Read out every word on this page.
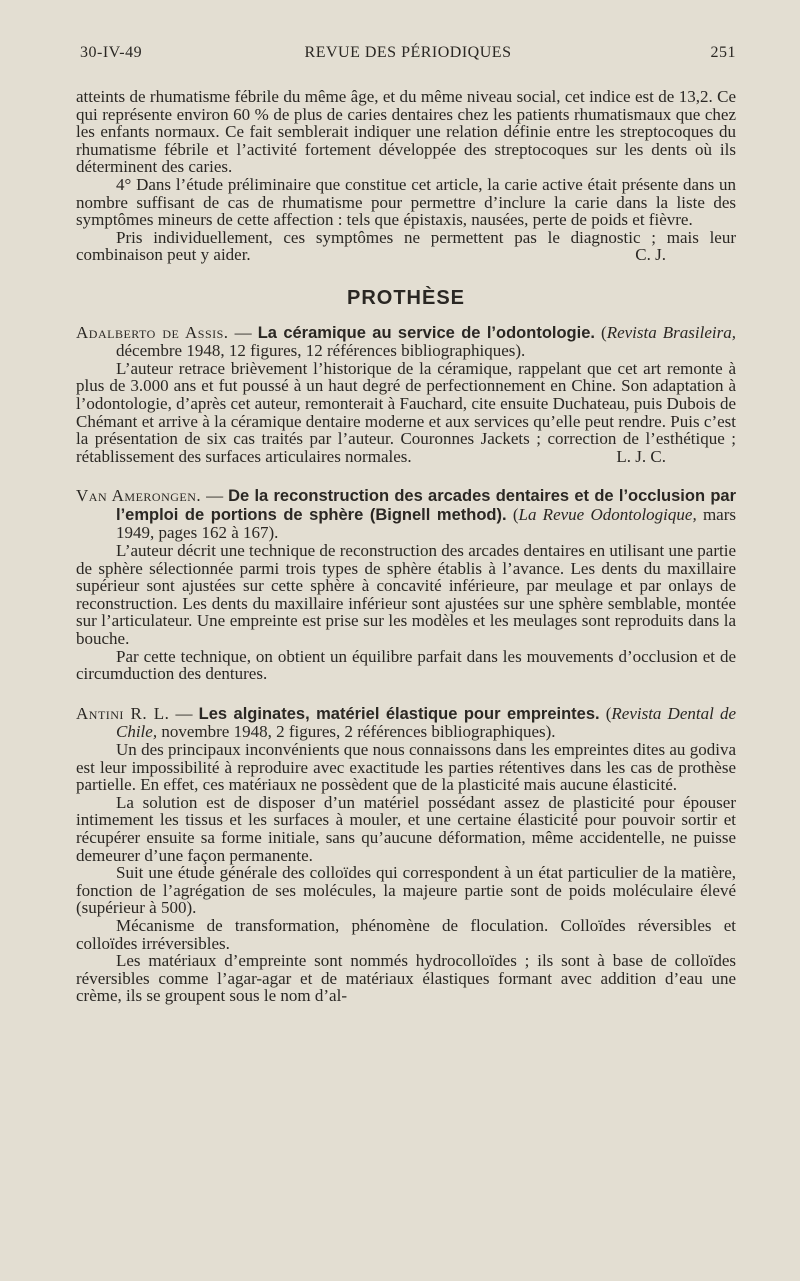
30-IV-49	REVUE DES PÉRIODIQUES	251

atteints de rhumatisme fébrile du même âge, et du même niveau social, cet indice est de 13,2. Ce qui représente environ 60 % de plus de caries dentaires chez les patients rhumatismaux que chez les enfants normaux. Ce fait semblerait indiquer une relation définie entre les streptocoques du rhumatisme fébrile et l’activité fortement développée des streptocoques sur les dents où ils déterminent des caries.

4° Dans l’étude préliminaire que constitue cet article, la carie active était présente dans un nombre suffisant de cas de rhumatisme pour permettre d’inclure la carie dans la liste des symptômes mineurs de cette affection : tels que épistaxis, nausées, perte de poids et fièvre.

Pris individuellement, ces symptômes ne permettent pas le diagnostic ; mais leur combinaison peut y aider.	C. J.

PROTHÈSE

Adalberto de Assis. — La céramique au service de l’odontologie. (Revista Brasileira, décembre 1948, 12 figures, 12 références bibliographiques).

L’auteur retrace brièvement l’historique de la céramique, rappelant que cet art remonte à plus de 3.000 ans et fut poussé à un haut degré de perfectionnement en Chine. Son adaptation à l’odontologie, d’après cet auteur, remonterait à Fauchard, cite ensuite Duchateau, puis Dubois de Chémant et arrive à la céramique dentaire moderne et aux services qu’elle peut rendre. Puis c’est la présentation de six cas traités par l’auteur. Couronnes Jackets ; correction de l’esthétique ; rétablissement des surfaces articulaires normales.	L. J. C.

Van Amerongen. — De la reconstruction des arcades dentaires et de l’occlusion par l’emploi de portions de sphère (Bignell method). (La Revue Odontologique, mars 1949, pages 162 à 167).

L’auteur décrit une technique de reconstruction des arcades dentaires en utilisant une partie de sphère sélectionnée parmi trois types de sphère établis à l’avance. Les dents du maxillaire supérieur sont ajustées sur cette sphère à concavité inférieure, par meulage et par onlays de reconstruction. Les dents du maxillaire inférieur sont ajustées sur une sphère semblable, montée sur l’articulateur. Une empreinte est prise sur les modèles et les meulages sont reproduits dans la bouche.

Par cette technique, on obtient un équilibre parfait dans les mouvements d’occlusion et de circumduction des dentures.

Antini R. L. — Les alginates, matériel élastique pour empreintes. (Revista Dental de Chile, novembre 1948, 2 figures, 2 références bibliographiques).

Un des principaux inconvénients que nous connaissons dans les empreintes dites au godiva est leur impossibilité à reproduire avec exactitude les parties rétentives dans les cas de prothèse partielle. En effet, ces matériaux ne possèdent que de la plasticité mais aucune élasticité.

La solution est de disposer d’un matériel possédant assez de plasticité pour épouser intimement les tissus et les surfaces à mouler, et une certaine élasticité pour pouvoir sortir et récupérer ensuite sa forme initiale, sans qu’aucune déformation, même accidentelle, ne puisse demeurer d’une façon permanente.

Suit une étude générale des colloïdes qui correspondent à un état particulier de la matière, fonction de l’agrégation de ses molécules, la majeure partie sont de poids moléculaire élevé (supérieur à 500).

Mécanisme de transformation, phénomène de floculation. Colloïdes réversibles et colloïdes irréversibles.

Les matériaux d’empreinte sont nommés hydrocolloïdes ; ils sont à base de colloïdes réversibles comme l’agar-agar et de matériaux élastiques formant avec addition d’eau une crème, ils se groupent sous le nom d’al-
